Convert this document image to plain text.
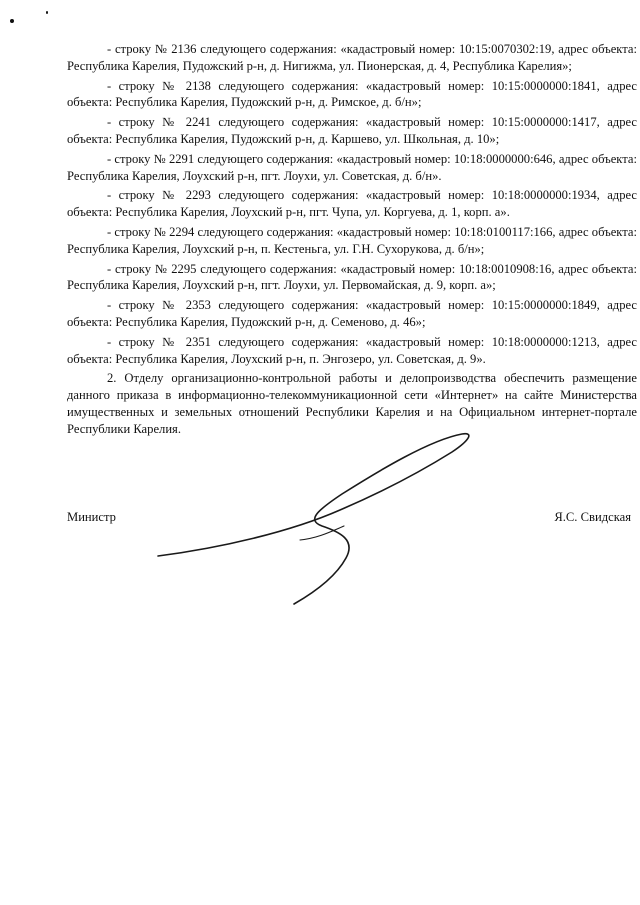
- строку № 2136 следующего содержания: «кадастровый номер: 10:15:0070302:19, адрес объекта: Республика Карелия, Пудожский р-н, д. Нигижма, ул. Пионерская, д. 4, Республика Карелия»;

- строку № 2138 следующего содержания: «кадастровый номер: 10:15:0000000:1841, адрес объекта: Республика Карелия, Пудожский р-н, д. Римское, д. б/н»;

- строку № 2241 следующего содержания: «кадастровый номер: 10:15:0000000:1417, адрес объекта: Республика Карелия, Пудожский р-н, д. Каршево, ул. Школьная, д. 10»;

- строку № 2291 следующего содержания: «кадастровый номер: 10:18:0000000:646, адрес объекта: Республика Карелия, Лоухский р-н, пгт. Лоухи, ул. Советская, д. б/н».

- строку № 2293 следующего содержания: «кадастровый номер: 10:18:0000000:1934, адрес объекта: Республика Карелия, Лоухский р-н, пгт. Чупа, ул. Коргуева, д. 1, корп. а».

- строку № 2294 следующего содержания: «кадастровый номер: 10:18:0100117:166, адрес объекта: Республика Карелия, Лоухский р-н, п. Кестеньга, ул. Г.Н. Сухорукова, д. б/н»;

- строку № 2295 следующего содержания: «кадастровый номер: 10:18:0010908:16, адрес объекта: Республика Карелия, Лоухский р-н, пгт. Лоухи, ул. Первомайская, д. 9, корп. а»;

- строку № 2353 следующего содержания: «кадастровый номер: 10:15:0000000:1849, адрес объекта: Республика Карелия, Пудожский р-н, д. Семеново, д. 46»;

- строку № 2351 следующего содержания: «кадастровый номер: 10:18:0000000:1213, адрес объекта: Республика Карелия, Лоухский р-н, п. Энгозеро, ул. Советская, д. 9».

2. Отделу организационно-контрольной работы и делопроизводства обеспечить размещение данного приказа в информационно-телекоммуникационной сети «Интернет» на сайте Министерства имущественных и земельных отношений Республики Карелия и на Официальном интернет-портале Республики Карелия.

Министр	Я.С. Свидская
